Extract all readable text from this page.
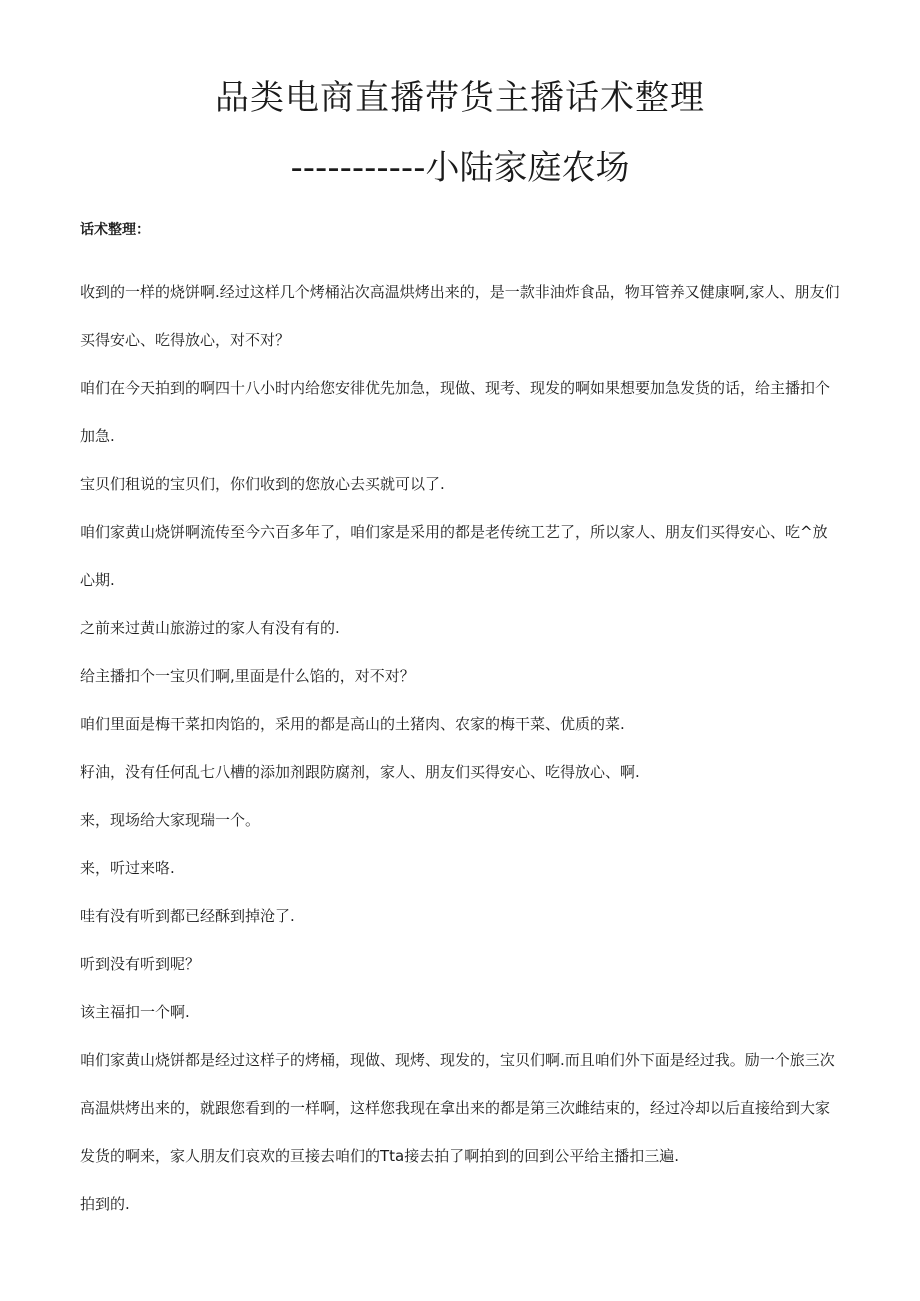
品类电商直播带货主播话术整理
-----------小陆家庭农场

话术整理：

收到的一样的烧饼啊.经过这样几个烤桶沾次高温烘烤出来的，是一款非油炸食品，物耳管养又健康啊,家人、朋友们买得安心、吃得放心，对不对？

咱们在今天拍到的啊四十八小时内给您安徘优先加急，现做、现考、现发的啊如果想要加急发货的话，给主播扣个加急.

宝贝们租说的宝贝们，你们收到的您放心去买就可以了.

咱们家黄山烧饼啊流传至今六百多年了，咱们家是采用的都是老传统工艺了，所以家人、朋友们买得安心、吃^放心期.

之前来过黄山旅游过的家人有没有有的.

给主播扣个一宝贝们啊,里面是什么馅的，对不对？

咱们里面是梅干菜扣肉馅的，采用的都是高山的土猪肉、农家的梅干菜、优质的菜.

籽油，没有任何乱七八槽的添加剂跟防腐剂，家人、朋友们买得安心、吃得放心、啊.

来，现场给大家现瑞一个。

来，听过来咯.

哇有没有听到都已经酥到掉沧了.

听到没有听到呢？

该主福扣一个啊.

咱们家黄山烧饼都是经过这样子的烤桶，现做、现烤、现发的，宝贝们啊.而且咱们外下面是经过我。励一个旅三次高温烘烤出来的，就跟您看到的一样啊，这样您我现在拿出来的都是第三次雌结束的，经过冷却以后直接给到大家发货的啊来，家人朋友们哀欢的亘接去咱们的Tta接去拍了啊拍到的回到公平给主播扣三遍.

拍到的.
